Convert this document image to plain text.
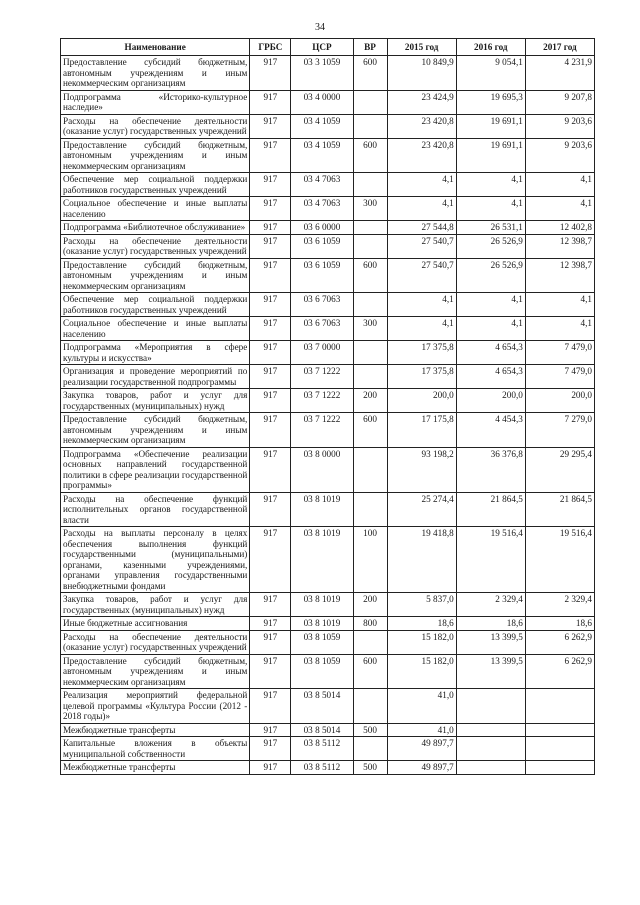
34
Наименование	ГРБС	ЦСР	ВР	2015 год	2016 год	2017 год
Предоставление субсидий бюджетным, автономным учреждениям и иным некоммерческим организациям	917	03 3 1059	600	10 849,9	9 054,1	4 231,9
Подпрограмма «Историко-культурное наследие»	917	03 4 0000		23 424,9	19 695,3	9 207,8
Расходы на обеспечение деятельности (оказание услуг) государственных учреждений	917	03 4 1059		23 420,8	19 691,1	9 203,6
Предоставление субсидий бюджетным, автономным учреждениям и иным некоммерческим организациям	917	03 4 1059	600	23 420,8	19 691,1	9 203,6
Обеспечение мер социальной поддержки работников государственных учреждений	917	03 4 7063		4,1	4,1	4,1
Социальное обеспечение и иные выплаты населению	917	03 4 7063	300	4,1	4,1	4,1
Подпрограмма «Библиотечное обслуживание»	917	03 6 0000		27 544,8	26 531,1	12 402,8
Расходы на обеспечение деятельности (оказание услуг) государственных учреждений	917	03 6 1059		27 540,7	26 526,9	12 398,7
Предоставление субсидий бюджетным, автономным учреждениям и иным некоммерческим организациям	917	03 6 1059	600	27 540,7	26 526,9	12 398,7
Обеспечение мер социальной поддержки работников государственных учреждений	917	03 6 7063		4,1	4,1	4,1
Социальное обеспечение и иные выплаты населению	917	03 6 7063	300	4,1	4,1	4,1
Подпрограмма «Мероприятия в сфере культуры и искусства»	917	03 7 0000		17 375,8	4 654,3	7 479,0
Организация и проведение мероприятий по реализации государственной подпрограммы	917	03 7 1222		17 375,8	4 654,3	7 479,0
Закупка товаров, работ и услуг для государственных (муниципальных) нужд	917	03 7 1222	200	200,0	200,0	200,0
Предоставление субсидий бюджетным, автономным учреждениям и иным некоммерческим организациям	917	03 7 1222	600	17 175,8	4 454,3	7 279,0
Подпрограмма «Обеспечение реализации основных направлений государственной политики в сфере реализации государственной программы»	917	03 8 0000		93 198,2	36 376,8	29 295,4
Расходы на обеспечение функций исполнительных органов государственной власти	917	03 8 1019		25 274,4	21 864,5	21 864,5
Расходы на выплаты персоналу в целях обеспечения выполнения функций государственными (муниципальными) органами, казенными учреждениями, органами управления государственными внебюджетными фондами	917	03 8 1019	100	19 418,8	19 516,4	19 516,4
Закупка товаров, работ и услуг для государственных (муниципальных) нужд	917	03 8 1019	200	5 837,0	2 329,4	2 329,4
Иные бюджетные ассигнования	917	03 8 1019	800	18,6	18,6	18,6
Расходы на обеспечение деятельности (оказание услуг) государственных учреждений	917	03 8 1059		15 182,0	13 399,5	6 262,9
Предоставление субсидий бюджетным, автономным учреждениям и иным некоммерческим организациям	917	03 8 1059	600	15 182,0	13 399,5	6 262,9
Реализация мероприятий федеральной целевой программы «Культура России (2012 - 2018 годы)»	917	03 8 5014		41,0		
Межбюджетные трансферты	917	03 8 5014	500	41,0		
Капитальные вложения в объекты муниципальной собственности	917	03 8 5112		49 897,7		
Межбюджетные трансферты	917	03 8 5112	500	49 897,7		
